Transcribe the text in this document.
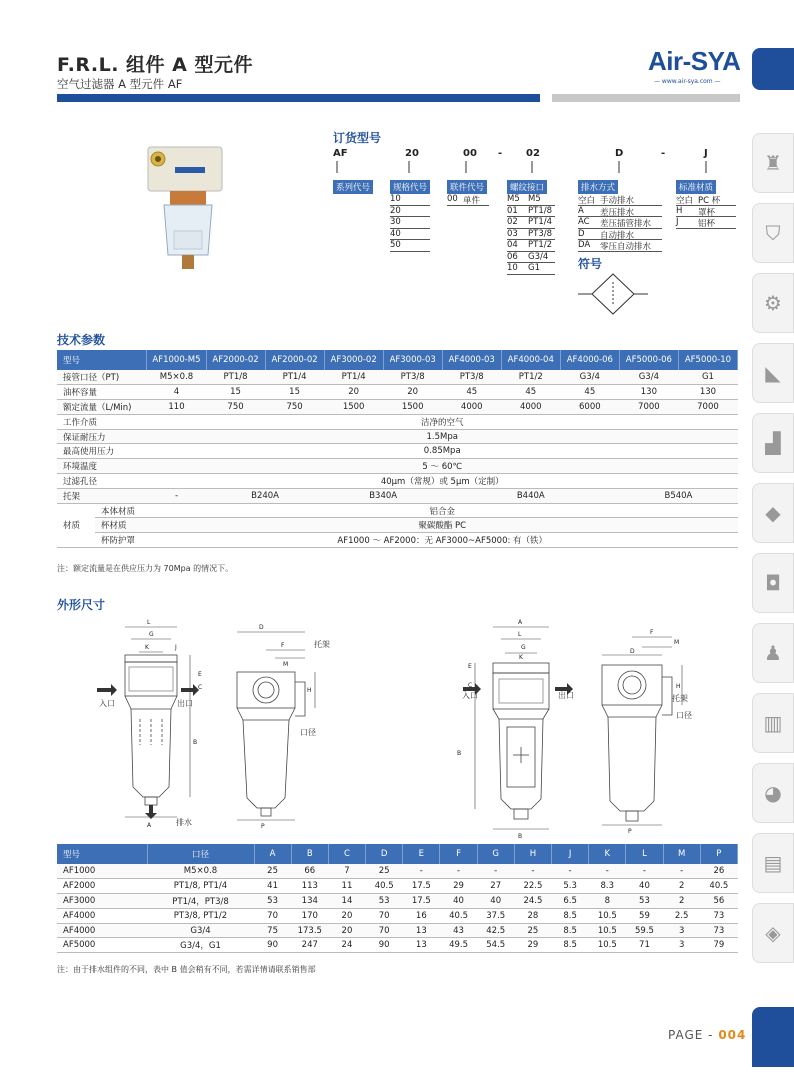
F.R.L. 组件 A 型元件
空气过滤器 A 型元件 AF
Air-SYA
— www.air-sya.com —
♜
⛉
⚙
◣
▟
◆
◘
♟
▥
◕
▤
◈
订货型号
AF	20	00 - 02	D	-	J
系列代号	规格代号
10
20
30
40
50
联件代号
00 单件
螺纹接口
M5 M5
01	PT1/8
02	PT1/4
03	PT3/8
04	PT1/2
06	G3/4
10	G1
排水方式
空白 手动排水
A	差压排水
AC	差压插管排水
D	自动排水
DA	零压自动排水
标准材质
空白 PC 杯
H	罩杯
J	铝杯
符号
技术参数
型号		AF1000-M5	AF2000-02	AF2000-02	AF3000-02	AF3000-03	AF4000-03	AF4000-04	AF4000-06	AF5000-06	AF5000-10
接管口径（PT)		M5×0.8	PT1/8	PT1/4	PT1/4	PT3/8	PT3/8	PT1/2	G3/4	G3/4	G1
油杯容量		4	15	15	20	20	45	45	45	130	130
额定流量（L/Min)		110	750	750	1500	1500	4000	4000	6000	7000	7000
工作介质		洁净的空气									
保证耐压力		1.5Mpa									
最高使用压力		0.85Mpa									
环境温度		5 ～ 60℃									
过滤孔径		40μm（常规）或 5μm（定制）									
托架		-	B240A		B340A		B440A			B540A	
材质	本体材质	铝合金									
	杯材质	聚碳酸酯 PC									
	杯防护罩	AF1000 ～ AF2000：无 AF3000~AF5000: 有（铁）									
注：额定流量是在供应压力为 70Mpa 的情况下。
外形尺寸
L
G
K	J
E
C
B
A
入口	出口
排水
D
F
M
H
P
托架
口径
A
L
G
K
E
C
B
B
入口	出口
F
M
D
H
P
托架
口径
型号	口径	A	B	C	D	E	F	G	H	J	K	L	M	P
AF1000	M5×0.8	25	66	7	25	-	-	-	-	-	-	-	-	26
AF2000	PT1/8, PT1/4	41	113	11	40.5	17.5	29	27	22.5	5.3	8.3	40	2	40.5
AF3000	PT1/4，PT3/8	53	134	14	53	17.5	40	40	24.5	6.5	8	53	2	56
AF4000	PT3/8, PT1/2	70	170	20	70	16	40.5	37.5	28	8.5	10.5	59	2.5	73
AF4000	G3/4	75	173.5	20	70	13	43	42.5	25	8.5	10.5	59.5	3	73
AF5000	G3/4，G1	90	247	24	90	13	49.5	54.5	29	8.5	10.5	71	3	79
注：由于排水组件的不同，表中 B 值会稍有不同，若需详情请联系销售部
PAGE - 004
